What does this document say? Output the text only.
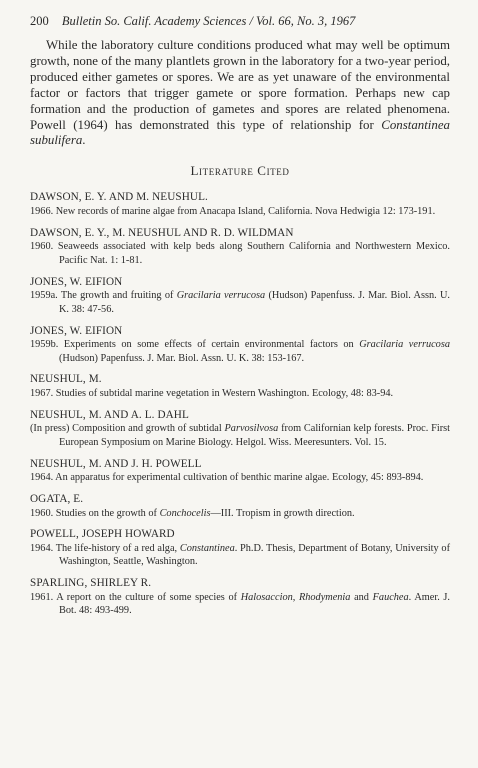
200 Bulletin So. Calif. Academy Sciences / Vol. 66, No. 3, 1967

While the laboratory culture conditions produced what may well be optimum growth, none of the many plantlets grown in the laboratory for a two-year period, produced either gametes or spores. We are as yet unaware of the environmental factor or factors that trigger gamete or spore formation. Perhaps new cap formation and the production of gametes and spores are related phenomena. Powell (1964) has demonstrated this type of relationship for Constantinea subulifera.

Literature Cited
DAWSON, E. Y. AND M. NEUSHUL.
1966. New records of marine algae from Anacapa Island, California. Nova Hedwigia 12: 173-191.
DAWSON, E. Y., M. NEUSHUL AND R. D. WILDMAN
1960. Seaweeds associated with kelp beds along Southern California and Northwestern Mexico. Pacific Nat. 1: 1-81.
JONES, W. EIFION
1959a. The growth and fruiting of Gracilaria verrucosa (Hudson) Papenfuss. J. Mar. Biol. Assn. U. K. 38: 47-56.
JONES, W. EIFION
1959b. Experiments on some effects of certain environmental factors on Gracilaria verrucosa (Hudson) Papenfuss. J. Mar. Biol. Assn. U. K. 38: 153-167.
NEUSHUL, M.
1967. Studies of subtidal marine vegetation in Western Washington. Ecology, 48: 83-94.
NEUSHUL, M. AND A. L. DAHL
(In press) Composition and growth of subtidal Parvosilvosa from Californian kelp forests. Proc. First European Symposium on Marine Biology. Helgol. Wiss. Meeresunters. Vol. 15.
NEUSHUL, M. AND J. H. POWELL
1964. An apparatus for experimental cultivation of benthic marine algae. Ecology, 45: 893-894.
OGATA, E.
1960. Studies on the growth of Conchocelis—III. Tropism in growth direction.
POWELL, JOSEPH HOWARD
1964. The life-history of a red alga, Constantinea. Ph.D. Thesis, Department of Botany, University of Washington, Seattle, Washington.
SPARLING, SHIRLEY R.
1961. A report on the culture of some species of Halosaccion, Rhodymenia and Fauchea. Amer. J. Bot. 48: 493-499.
